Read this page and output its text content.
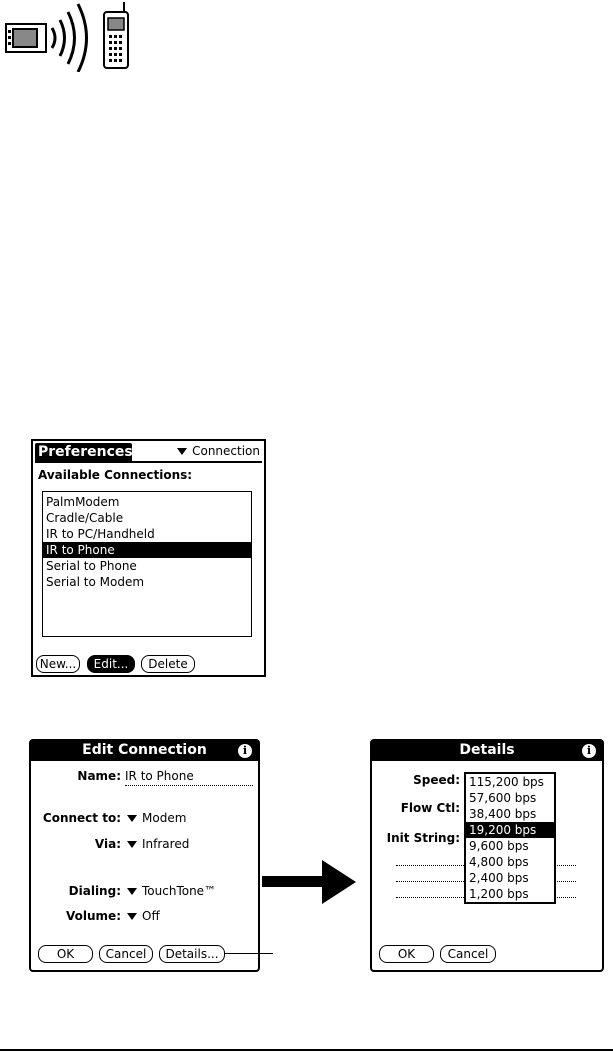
Preferences	Connection
Available Connections:
PalmModem
Cradle/Cable
IR to PC/Handheld
IR to Phone
Serial to Phone
Serial to Modem
New...	Edit...	Delete
Edit Connection	i
Name: IR to Phone
Connect to:	Modem
Via:	Infrared
Dialing:	TouchTone™
Volume:	Off
OK	Cancel	Details...
Details	i
Speed:
Flow Ctl:
Init String:
115,200 bps
57,600 bps
38,400 bps
19,200 bps
9,600 bps
4,800 bps
2,400 bps
1,200 bps
OK	Cancel
